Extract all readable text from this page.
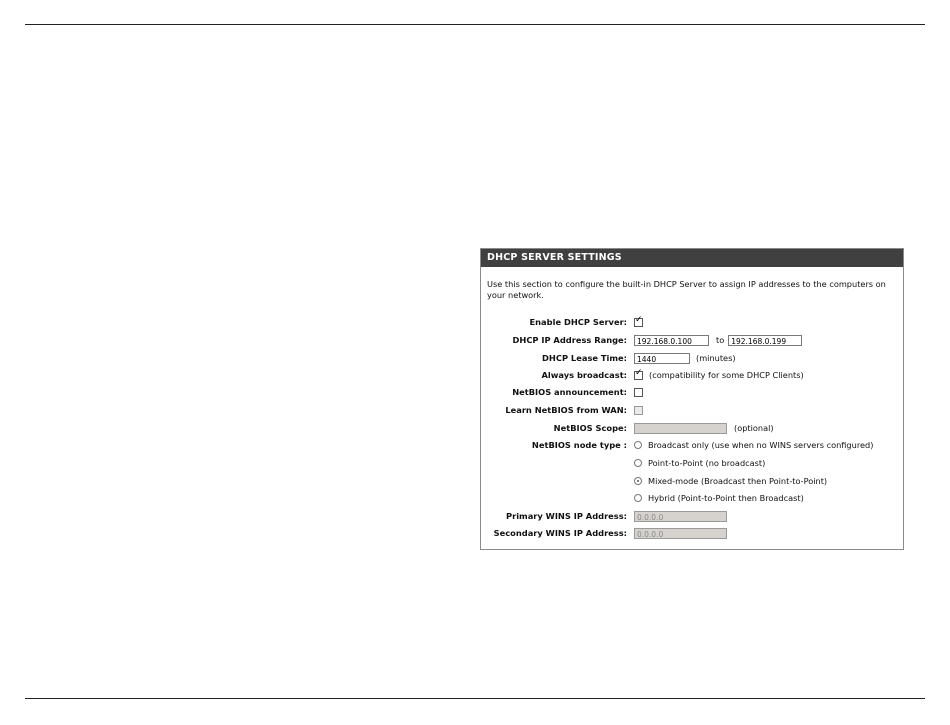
DHCP SERVER SETTINGS

Use this section to configure the built-in DHCP Server to assign IP addresses to the computers on your network.

Enable DHCP Server:
✓
DHCP IP Address Range:	192.168.0.100	to 192.168.0.199
DHCP Lease Time:	1440	(minutes)
Always broadcast:
✓	(compatibility for some DHCP Clients)
NetBIOS announcement:
Learn NetBIOS from WAN:
NetBIOS Scope:	(optional)
NetBIOS node type :	Broadcast only (use when no WINS servers configured)
Point-to-Point (no broadcast)
Mixed-mode (Broadcast then Point-to-Point)
Hybrid (Point-to-Point then Broadcast)
Primary WINS IP Address:	0.0.0.0
Secondary WINS IP Address:	0.0.0.0
